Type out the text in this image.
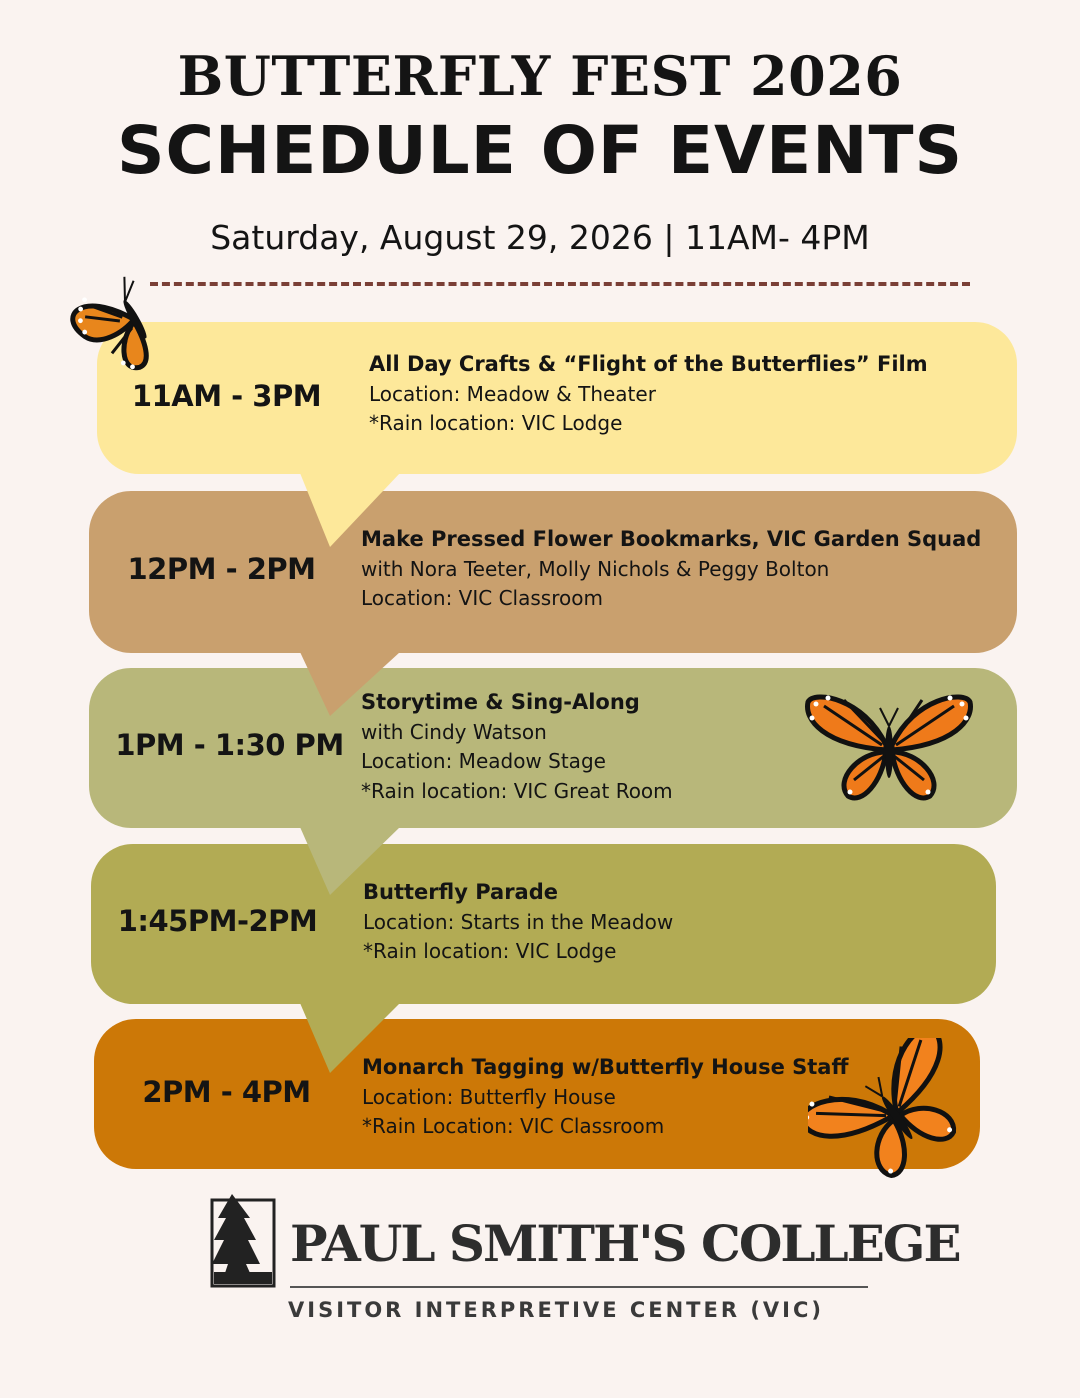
BUTTERFLY FEST 2026
SCHEDULE OF EVENTS
Saturday, August 29, 2026 | 11AM- 4PM
11AM - 3PM
All Day Crafts & “Flight of the Butterflies” Film
Location: Meadow & Theater
*Rain location: VIC Lodge
12PM - 2PM
Make Pressed Flower Bookmarks, VIC Garden Squad
with Nora Teeter, Molly Nichols & Peggy Bolton
Location: VIC Classroom
1PM - 1:30 PM
Storytime & Sing-Along
with Cindy Watson
Location: Meadow Stage
*Rain location: VIC Great Room
1:45PM-2PM
Butterfly Parade
Location: Starts in the Meadow
*Rain location: VIC Lodge
2PM - 4PM
Monarch Tagging w/Butterfly House Staff
Location: Butterfly House
*Rain Location: VIC Classroom
PAUL SMITH'S COLLEGE
VISITOR INTERPRETIVE CENTER (VIC)
